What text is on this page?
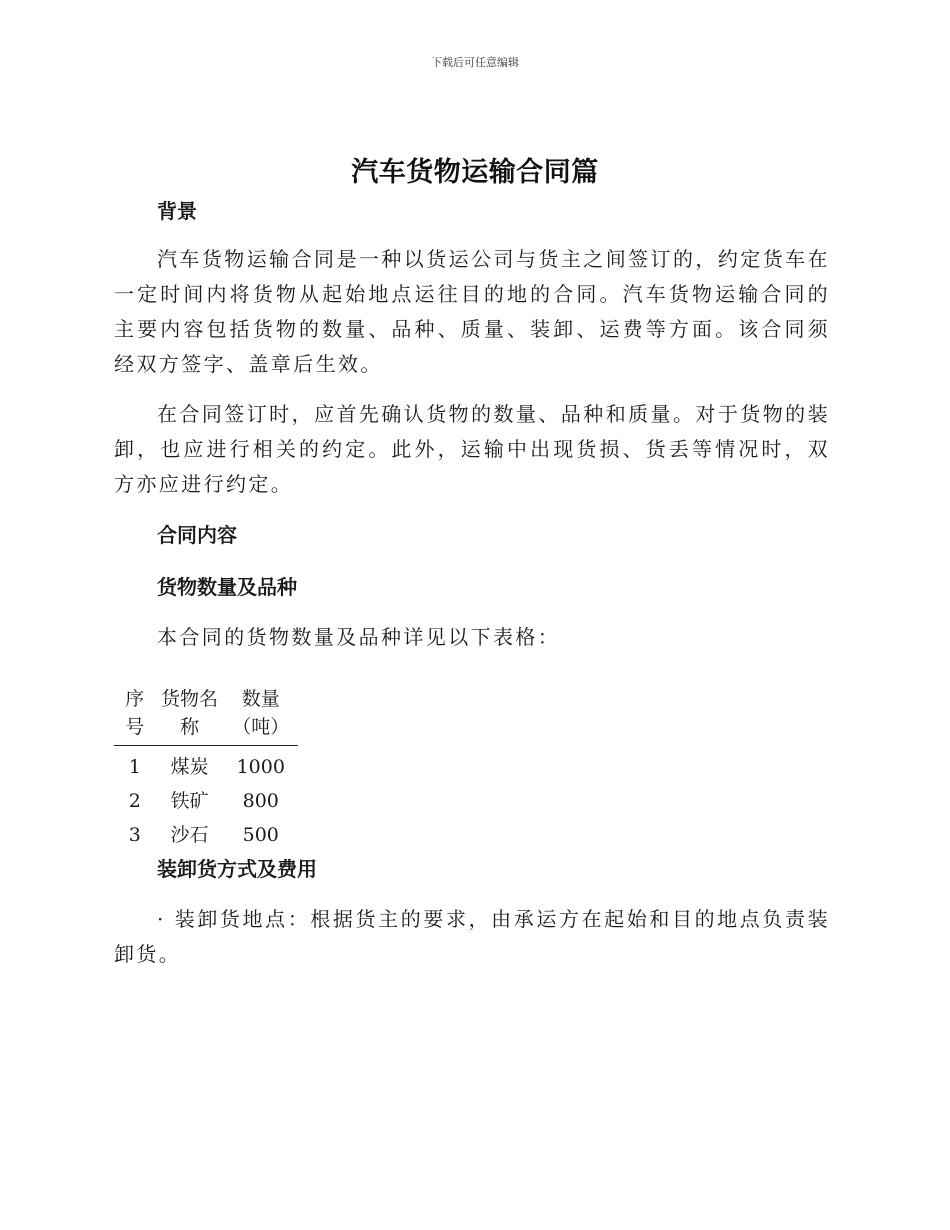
下载后可任意编辑
汽车货物运输合同篇

背景

汽车货物运输合同是一种以货运公司与货主之间签订的，约定货车在一定时间内将货物从起始地点运往目的地的合同。汽车货物运输合同的主要内容包括货物的数量、品种、质量、装卸、运费等方面。该合同须经双方签字、盖章后生效。

在合同签订时，应首先确认货物的数量、品种和质量。对于货物的装卸，也应进行相关的约定。此外，运输中出现货损、货丢等情况时，双方亦应进行约定。

合同内容

货物数量及品种

本合同的货物数量及品种详见以下表格：

序号	货物名称	数量（吨）
1	煤炭	1000
2	铁矿	800
3	沙石	500

装卸货方式及费用

· 装卸货地点：根据货主的要求，由承运方在起始和目的地点负责装卸货。
